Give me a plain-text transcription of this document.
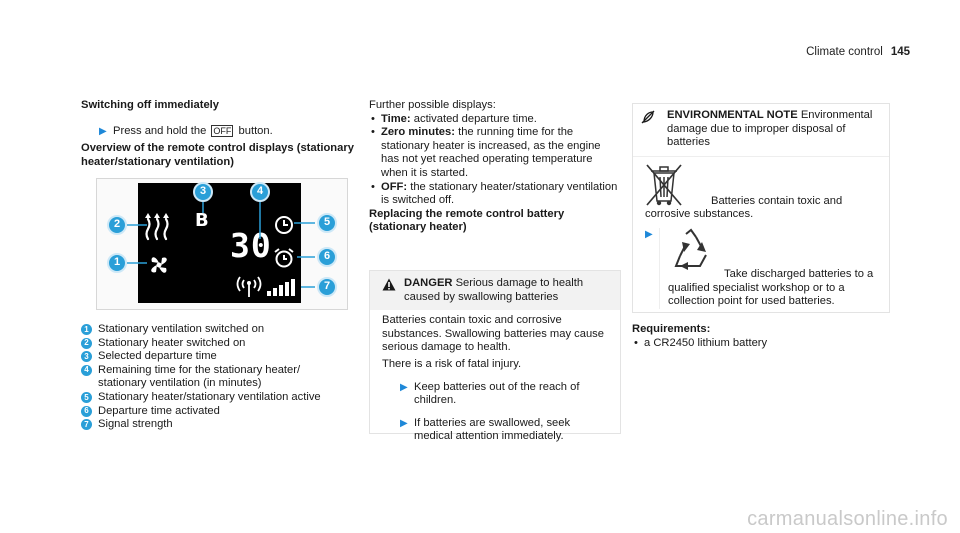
Climate control 145
Switching off immediately
▶ Press and hold the OFF button.
Overview of the remote control displays (stationary heater/stationary ventilation)
B
30
2
1
3	4
5
6
7
1 Stationary ventilation switched on
2 Stationary heater switched on
3 Selected departure time
4 Remaining time for the stationary heater/ stationary ventilation (in minutes)
5 Stationary heater/stationary ventilation active
6 Departure time activated
7 Signal strength
Further possible displays:
• Time: activated departure time.
• Zero minutes: the running time for the stationary heater is increased, as the engine has not yet reached operating temperature when it is started.
• OFF: the stationary heater/stationary ventilation is switched off.
Replacing the remote control battery (stationary heater)
DANGER Serious damage to health caused by swallowing batteries
Batteries contain toxic and corrosive substances. Swallowing batteries may cause serious damage to health.
There is a risk of fatal injury.
▶ Keep batteries out of the reach of children.
▶ If batteries are swallowed, seek medical attention immediately.
ENVIRONMENTAL NOTE Environmental damage due to improper disposal of batteries
Batteries contain toxic and corrosive substances.
▶
Take discharged batteries to a qualified specialist workshop or to a collection point for used batteries.
Requirements:
• a CR2450 lithium battery
carmanualsonline.info
